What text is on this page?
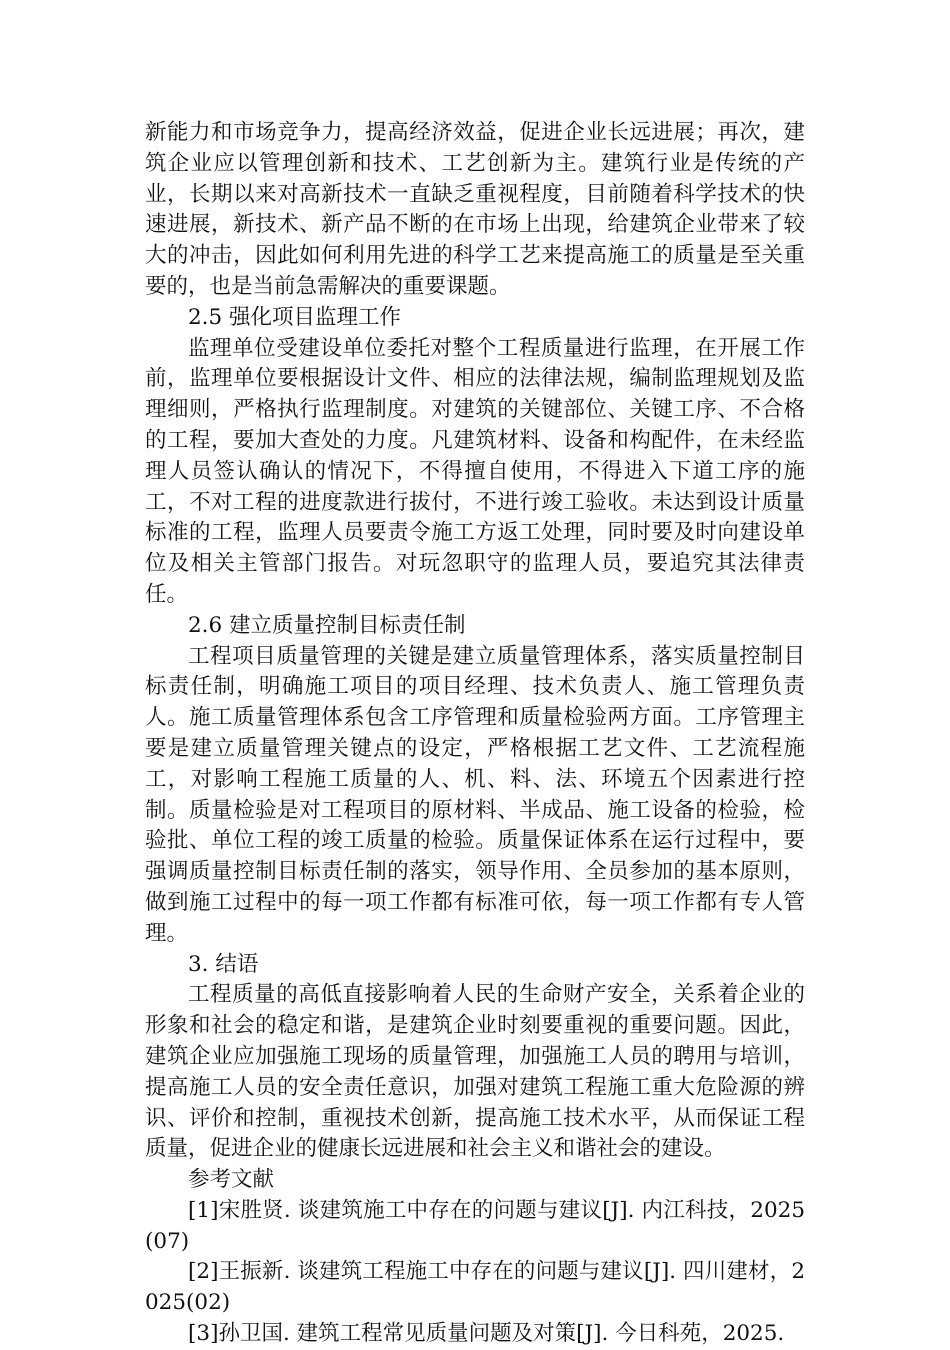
新能力和市场竞争力，提高经济效益，促进企业长远进展；再次，建筑企业应以管理创新和技术、工艺创新为主。建筑行业是传统的产业，长期以来对高新技术一直缺乏重视程度，目前随着科学技术的快速进展，新技术、新产品不断的在市场上出现，给建筑企业带来了较大的冲击，因此如何利用先进的科学工艺来提高施工的质量是至关重要的，也是当前急需解决的重要课题。

2.5 强化项目监理工作

监理单位受建设单位委托对整个工程质量进行监理，在开展工作前，监理单位要根据设计文件、相应的法律法规，编制监理规划及监理细则，严格执行监理制度。对建筑的关键部位、关键工序、不合格的工程，要加大查处的力度。凡建筑材料、设备和构配件，在未经监理人员签认确认的情况下，不得擅自使用，不得进入下道工序的施工，不对工程的进度款进行拔付，不进行竣工验收。未达到设计质量标准的工程，监理人员要责令施工方返工处理，同时要及时向建设单位及相关主管部门报告。对玩忽职守的监理人员，要追究其法律责任。

2.6 建立质量控制目标责任制

工程项目质量管理的关键是建立质量管理体系，落实质量控制目标责任制，明确施工项目的项目经理、技术负责人、施工管理负责人。施工质量管理体系包含工序管理和质量检验两方面。工序管理主要是建立质量管理关键点的设定，严格根据工艺文件、工艺流程施工，对影响工程施工质量的人、机、料、法、环境五个因素进行控制。质量检验是对工程项目的原材料、半成品、施工设备的检验，检验批、单位工程的竣工质量的检验。质量保证体系在运行过程中，要强调质量控制目标责任制的落实，领导作用、全员参加的基本原则，做到施工过程中的每一项工作都有标准可依，每一项工作都有专人管理。

3. 结语

工程质量的高低直接影响着人民的生命财产安全，关系着企业的形象和社会的稳定和谐，是建筑企业时刻要重视的重要问题。因此，建筑企业应加强施工现场的质量管理，加强施工人员的聘用与培训，提高施工人员的安全责任意识，加强对建筑工程施工重大危险源的辨识、评价和控制，重视技术创新，提高施工技术水平，从而保证工程质量，促进企业的健康长远进展和社会主义和谐社会的建设。

参考文献

[1]宋胜贤. 谈建筑施工中存在的问题与建议[J]. 内江科技，2025(07)

[2]王振新. 谈建筑工程施工中存在的问题与建议[J]. 四川建材，2025(02)

[3]孙卫国. 建筑工程常见质量问题及对策[J]. 今日科苑，2025.
